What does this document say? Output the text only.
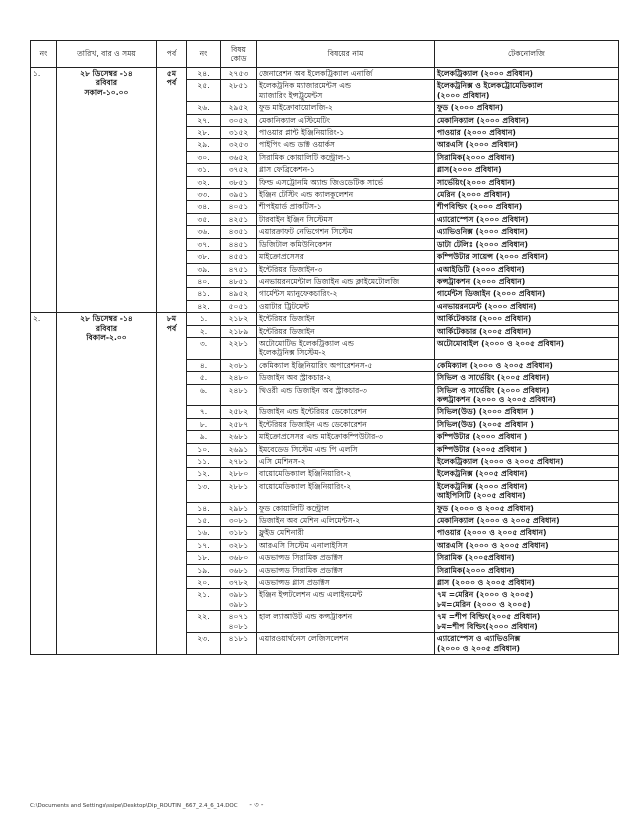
নং	তারিখ, বার ও সময়	পর্ব	নং	বিষয় কোড	বিষয়ের নাম	টেকনোলজি
১.	২৮ ডিসেম্বর -১৪
রবিবার
সকাল-১০.০০	৫ম
পর্ব	২৪.	২৭৫৩	জেনারেশন অব ইলেকট্রিক্যাল এনার্জি	ইলেকট্রিক্যাল (২০০০ প্রবিধান)

			২৫.	২৮৫১	ইলেকট্রনিক ম্যাজারমেন্টস এন্ড
ম্যাজারিং ইন্সট্রুমেন্টস	ইলেকট্রনিক্স ও ইলেকট্রোমেডিক্যাল
(২০০০ প্রবিধান)

			২৬.	২৯৫২	ফুড মাইক্রোবায়োলজি-২	ফুড (২০০০ প্রবিধান)

			২৭.	৩০৫২	মেকানিক্যাল এস্টিমেটিং	মেকানিক্যাল (২০০০ প্রবিধান)

			২৮.	৩১৫২	পাওয়ার প্লান্ট ইঞ্জিনিয়ারিং-১	পাওয়ার (২০০০ প্রবিধান)

			২৯.	৩২৫৩	পাইপিং এন্ড ডাক্ট ওয়ার্কস	আরএসি (২০০০ প্রবিধান)

			৩০.	৩৬৫২	সিরামিক কোয়ালিটি কন্ট্রোল-১	সিরামিক(২০০০ প্রবিধান)

			৩১.	৩৭৫২	গ্লাস ফেব্রিকেশন-১	গ্লাস(২০০০ প্রবিধান)

			৩২.	৩৮৫১	ফিল্ড এসট্রোনমি অ্যান্ড জিওডেটিক সার্ভে	সার্ভেয়িং(২০০০ প্রবিধান)

			৩৩.	৩৯৫১	ইঞ্জিন টেস্টিং এন্ড ক্যালকুলেশন	মেরিন (২০০০ প্রবিধান)

			৩৪.	৪০৫১	শীপইয়ার্ড প্রাকটিস-১	শীপবিল্ডিং (২০০০ প্রবিধান)

			৩৫.	৪২৫১	টারবাইন ইঞ্জিন সিস্টেমস	এ্যারোস্পেস (২০০০ প্রবিধান)

			৩৬.	৪৩৫১	এয়ারক্রাফট নেভিগেশন সিস্টেম	এ্যাভিওনিক্স (২০০০ প্রবিধান)

			৩৭.	৪৪৫১	ডিজিটাল কমিউনিকেশন	ডাটা টেলিঃ (২০০০ প্রবিধান)

			৩৮.	৪৫৫১	মাইক্রোপ্রসেসর	কম্পিউটার সায়েন্স (২০০০ প্রবিধান)

			৩৯.	৪৭৫১	ইন্টেরিয়র ডিজাইন-৩	এআইডিটি (২০০০ প্রবিধান)

			৪০.	৪৮৫১	এনভায়রনমেন্টাল ডিজাইন এন্ড ক্লাইমেটোলজি	কন্সট্রাকশন (২০০০ প্রবিধান)

			৪১.	৪৯৫২	গার্মেন্টস ম্যানুফেকচারিং-২	গার্মেন্টস ডিজাইন (২০০০ প্রবিধান)

			৪২.	৫০৫১	ওয়াটার ট্রিটমেন্ট	এনভায়রনমেন্ট (২০০০ প্রবিধান)

২.	২৮ ডিসেম্বর -১৪
রবিবার
বিকাল-২.০০	৮ম
পর্ব	১.	২১৮২	ইন্টেরিয়র ডিজাইন	আর্কিটেকচার (২০০০ প্রবিধান)

			২.	২১৮৯	ইন্টেরিয়র ডিজাইন	আর্কিটেকচার (২০০৫ প্রবিধান)

			৩.	২২৮১	অটোমোটিভ ইলেকট্রিক্যাল এন্ড
ইলেকট্রনিক্স সিস্টেম-২	অটোমোবাইল (২০০০ ও ২০০৫ প্রবিধান)

			৪.	২৩৮১	কেমিক্যাল ইঞ্জিনিয়ারিং অপারেশনস-৫	কেমিক্যাল (২০০০ ও ২০০৫ প্রবিধান)

			৫.	২৪৮০	ডিজাইন অব স্ট্রাকচার-২	সিভিল ও সার্ভেয়িং (২০০৫ প্রবিধান)

			৬.	২৪৮১	থিওরী এন্ড ডিজাইন অব স্ট্রাকচার-৩	সিভিল ও সার্ভেয়িং (২০০০ প্রবিধান)
কন্সট্রাকশন (২০০০ ও ২০০৫ প্রবিধান)

			৭.	২৫৮২	ডিজাইন এন্ড ইন্টেরিয়র ডেকোরেশন	সিভিল(উড) (২০০০ প্রবিধান )

			৮.	২৫৮৭	ইন্টেরিয়র ডিজাইন এন্ড ডেকোরেশন	সিভিল(উড) (২০০৫ প্রবিধান )

			৯.	২৬৮১	মাইক্রোপ্রসেসর এন্ড মাইক্রোকম্পিউটার-৩	কম্পিউটার (২০০০ প্রবিধান )

			১০.	২৬৯১	ইমবেডেড সিস্টেম এন্ড পি এলসি	কম্পিউটার (২০০৫ প্রবিধান )

			১১.	২৭৮১	এসি মেশিনস-২	ইলেকট্রিক্যাল (২০০০ ও ২০০৫ প্রবিধান)

			১২.	২৮৮০	বায়োমেডিক্যাল ইঞ্জিনিয়ারিং-২	ইলেকট্রনিক্স (২০০৫ প্রবিধান)

			১৩.	২৮৮১	বায়োমেডিক্যাল ইঞ্জিনিয়ারিং-২	ইলেকট্রনিক্স (২০০০ প্রবিধান)
আইপিসিটি (২০০৫ প্রবিধান)

			১৪.	২৯৮১	ফুড কোয়ালিটি কন্ট্রোল	ফুড (২০০০ ও ২০০৫ প্রবিধান)

			১৫.	৩০৮১	ডিজাইন অব মেশিন এলিমেন্টস-২	মেকানিক্যাল (২০০০ ও ২০০৫ প্রবিধান)

			১৬.	৩১৮১	ফ্লুইড মেশিনারী	পাওয়ার (২০০০ ও ২০০৫ প্রবিধান)

			১৭.	৩২৮১	আরএসি সিস্টেম এনালাইসিস	আরএসি (২০০০ ও ২০০৫ প্রবিধান)

			১৮.	৩৬৮০	এডভান্সড সিরামিক প্রডাক্টস	সিরামিক (২০০৫প্রবিধান)

			১৯.	৩৬৮১	এডভান্সড সিরামিক প্রডাক্টস	সিরামিক(২০০০ প্রবিধান)

			২০.	৩৭৮২	এডভান্সড গ্লাস প্রডাক্টস	গ্লাস (২০০০ ও ২০০৫ প্রবিধান)

			২১.	৩৯৮১
৩৯৮১	ইঞ্জিন ইন্সটলেশন এন্ড এলাইনমেন্ট	৭ম =মেরিন (২০০০ ও ২০০৫)
৮ম=মেরিন (২০০০ ও ২০০৫)

			২২.	৪০৭১
৪০৮১	হাল ল্যাআউট এন্ড কন্সট্রাকশন	৭ম =শীপ বিল্ডিং(২০০৫ প্রবিধান)
৮ম=শীপ বিল্ডিং(২০০০ প্রবিধান)

			২৩.	৪১৮১	এয়ারওয়ার্থনেস লেজিসলেশন	এ্যারোস্পেস ও এ্যাভিওনিক্স
(২০০০ ও ২০০৫ প্রবিধান)
C:\Documents and Settings\ssipe\Desktop\Dip_ROUTIN _667_2.4_6_14.DOC - ৩ -
